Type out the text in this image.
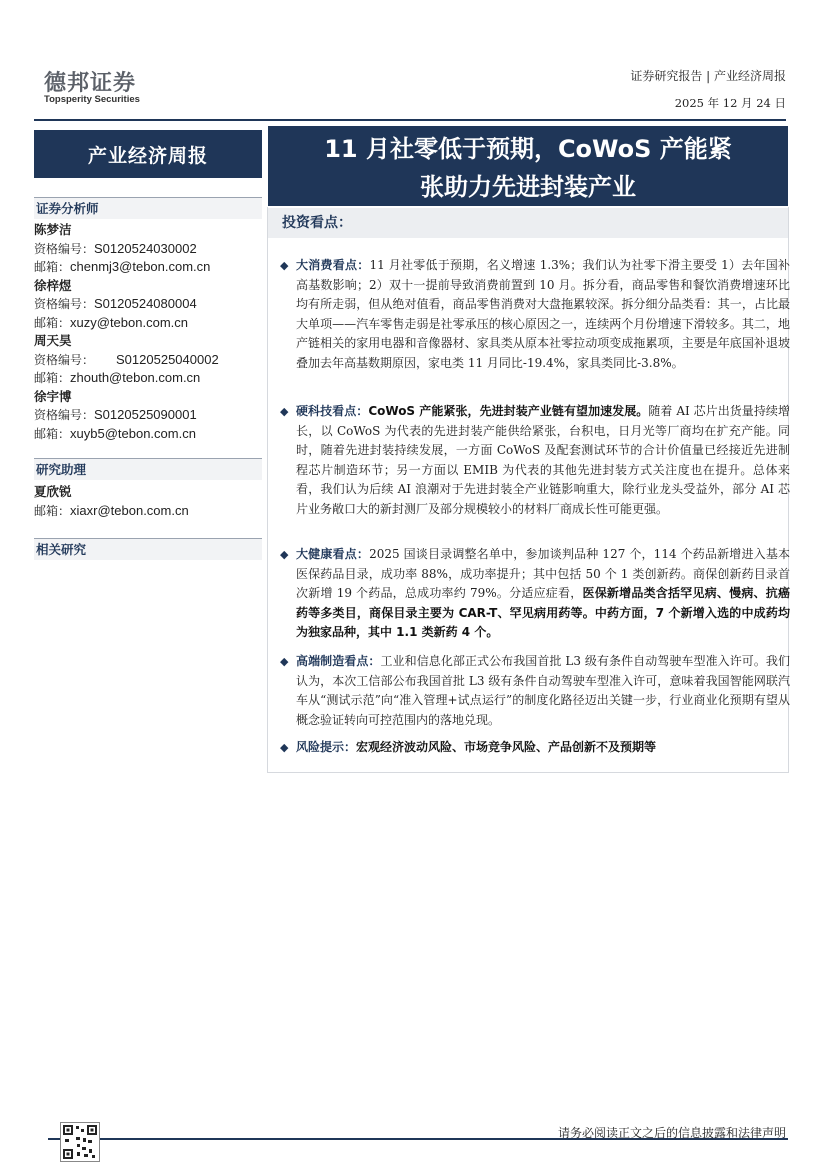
德邦证券
Topsperity Securities
证券研究报告 | 产业经济周报
2025 年 12 月 24 日
产业经济周报	11 月社零低于预期，CoWoS 产能紧
张助力先进封装产业
证券分析师
陈梦洁
资格编号：S0120524030002
邮箱：chenmj3@tebon.com.cn
徐梓煜
资格编号：S0120524080004
邮箱：xuzy@tebon.com.cn
周天昊
资格编号： S0120525040002
邮箱：zhouth@tebon.com.cn
徐宇博
资格编号：S0120525090001
邮箱：xuyb5@tebon.com.cn
研究助理
夏欣锐
邮箱：xiaxr@tebon.com.cn
相关研究
投资看点：
◆ 大消费看点：11 月社零低于预期，名义增速 1.3%；我们认为社零下滑主要受 1）去年国补高基数影响；2）双十一提前导致消费前置到 10 月。拆分看，商品零售和餐饮消费增速环比均有所走弱，但从绝对值看，商品零售消费对大盘拖累较深。拆分细分品类看：其一，占比最大单项——汽车零售走弱是社零承压的核心原因之一，连续两个月份增速下滑较多。其二，地产链相关的家用电器和音像器材、家具类从原本社零拉动项变成拖累项，主要是年底国补退坡叠加去年高基数期原因，家电类 11 月同比-19.4%，家具类同比-3.8%。
◆ 硬科技看点：CoWoS 产能紧张，先进封装产业链有望加速发展。随着 AI 芯片出货量持续增长，以 CoWoS 为代表的先进封装产能供给紧张，台积电，日月光等厂商均在扩充产能。同时，随着先进封装持续发展，一方面 CoWoS 及配套测试环节的合计价值量已经接近先进制程芯片制造环节；另一方面以 EMIB 为代表的其他先进封装方式关注度也在提升。总体来看，我们认为后续 AI 浪潮对于先进封装全产业链影响重大，除行业龙头受益外，部分 AI 芯片业务敞口大的新封测厂及部分规模较小的材料厂商成长性可能更强。
◆ 大健康看点：2025 国谈目录调整名单中，参加谈判品种 127 个，114 个药品新增进入基本医保药品目录，成功率 88%，成功率提升；其中包括 50 个 1 类创新药。商保创新药目录首次新增 19 个药品，总成功率约 79%。分适应症看，医保新增品类含括罕见病、慢病、抗癌药等多类目，商保目录主要为 CAR-T、罕见病用药等。中药方面，7 个新增入选的中成药均为独家品种，其中 1.1 类新药 4 个。
◆ 高端制造看点：工业和信息化部正式公布我国首批 L3 级有条件自动驾驶车型准入许可。我们认为，本次工信部公布我国首批 L3 级有条件自动驾驶车型准入许可，意味着我国智能网联汽车从“测试示范”向“准入管理+试点运行”的制度化路径迈出关键一步，行业商业化预期有望从概念验证转向可控范围内的落地兑现。
◆ 风险提示：宏观经济波动风险、市场竞争风险、产品创新不及预期等
请务必阅读正文之后的信息披露和法律声明
